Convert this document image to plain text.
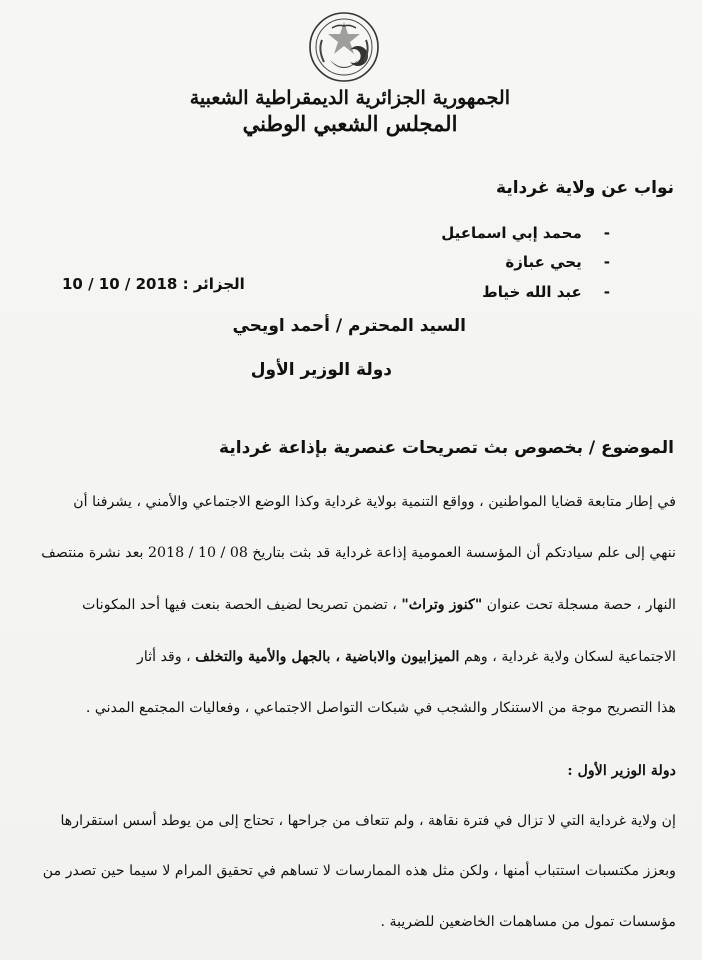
الجمهورية الجزائرية الديمقراطية الشعبية
المجلس الشعبي الوطني
نواب عن ولاية غرداية
-محمد إبي اسماعيل
-يحي عبازة
-عبد الله خياط
الجزائر : 10 / 10 / 2018
السيد المحترم / أحمد اويحي
دولة الوزير الأول
الموضوع / بخصوص بث تصريحات عنصرية بإذاعة غرداية
في إطار متابعة قضايا المواطنين ، وواقع التنمية بولاية غرداية وكذا الوضع الاجتماعي والأمني ، يشرفنا أن
ننهي إلى علم سيادتكم أن المؤسسة العمومية إذاعة غرداية قد بثت بتاريخ 08 / 10 / 2018 بعد نشرة منتصف
النهار ، حصة مسجلة تحت عنوان "كنوز وتراث" ، تضمن تصريحا لضيف الحصة بنعت فيها أحد المكونات
الاجتماعية لسكان ولاية غرداية ، وهم الميزابيون والاباضية ، بالجهل والأمية والتخلف ، وقد أثار
هذا التصريح موجة من الاستنكار والشجب في شبكات التواصل الاجتماعي ، وفعاليات المجتمع المدني .
دولة الوزير الأول :
إن ولاية غرداية التي لا تزال في فترة نقاهة ، ولم تتعاف من جراحها ، تحتاج إلى من يوطد أسس استقرارها
وبعزز مكتسبات استتباب أمنها ، ولكن مثل هذه الممارسات لا تساهم في تحقيق المرام لا سيما حين تصدر من
مؤسسات تمول من مساهمات الخاضعين للضريبة .
